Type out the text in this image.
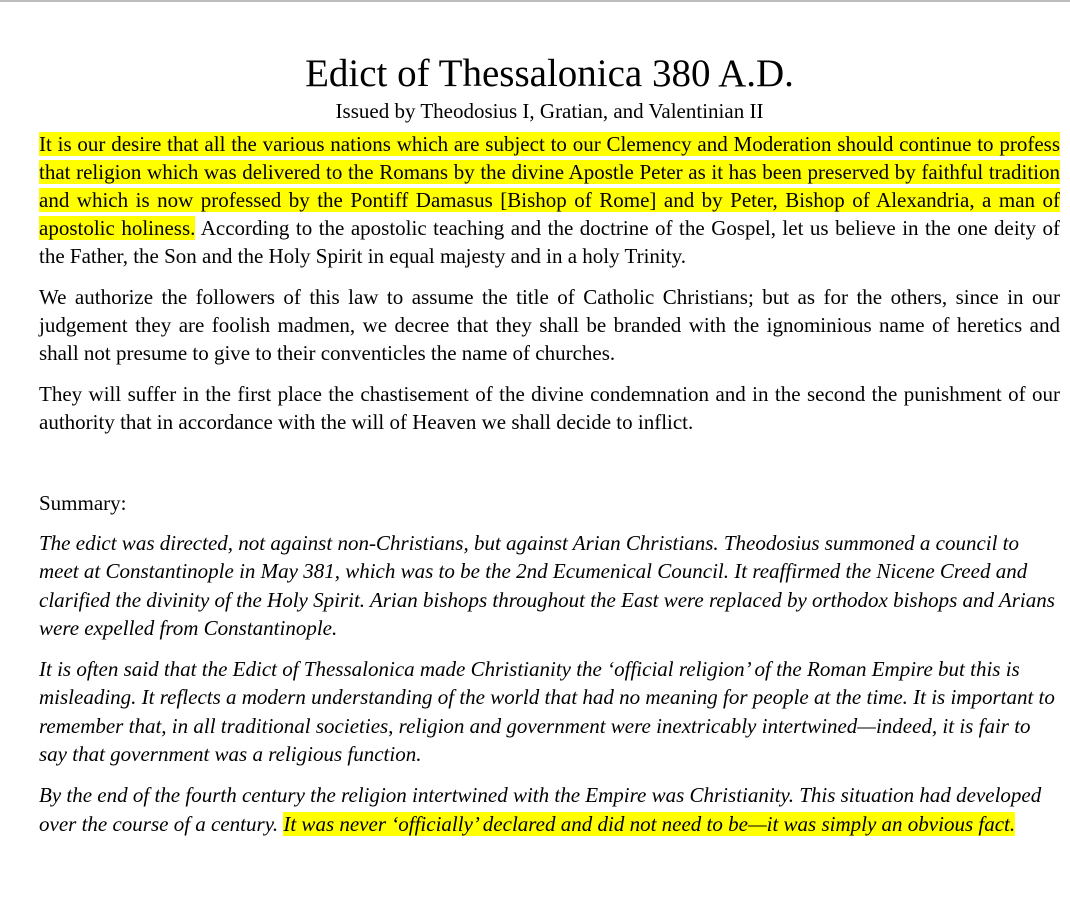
Edict of Thessalonica 380 A.D.
Issued by Theodosius I, Gratian, and Valentinian II

It is our desire that all the various nations which are subject to our Clemency and Moderation should continue to profess that religion which was delivered to the Romans by the divine Apostle Peter as it has been preserved by faithful tradition and which is now professed by the Pontiff Damasus [Bishop of Rome] and by Peter, Bishop of Alexandria, a man of apostolic holiness. According to the apostolic teaching and the doctrine of the Gospel, let us believe in the one deity of the Father, the Son and the Holy Spirit in equal majesty and in a holy Trinity.

We authorize the followers of this law to assume the title of Catholic Christians; but as for the others, since in our judgement they are foolish madmen, we decree that they shall be branded with the ignominious name of heretics and shall not presume to give to their conventicles the name of churches.

They will suffer in the first place the chastisement of the divine condemnation and in the second the punishment of our authority that in accordance with the will of Heaven we shall decide to inflict.

Summary:

The edict was directed, not against non-Christians, but against Arian Christians. Theodosius summoned a council to meet at Constantinople in May 381, which was to be the 2nd Ecumenical Council. It reaffirmed the Nicene Creed and clarified the divinity of the Holy Spirit. Arian bishops throughout the East were replaced by orthodox bishops and Arians were expelled from Constantinople.

It is often said that the Edict of Thessalonica made Christianity the ‘official religion’ of the Roman Empire but this is misleading. It reflects a modern understanding of the world that had no meaning for people at the time. It is important to remember that, in all traditional societies, religion and government were inextricably intertwined—indeed, it is fair to say that government was a religious function.

By the end of the fourth century the religion intertwined with the Empire was Christianity. This situation had developed over the course of a century. It was never ‘officially’ declared and did not need to be—it was simply an obvious fact.
